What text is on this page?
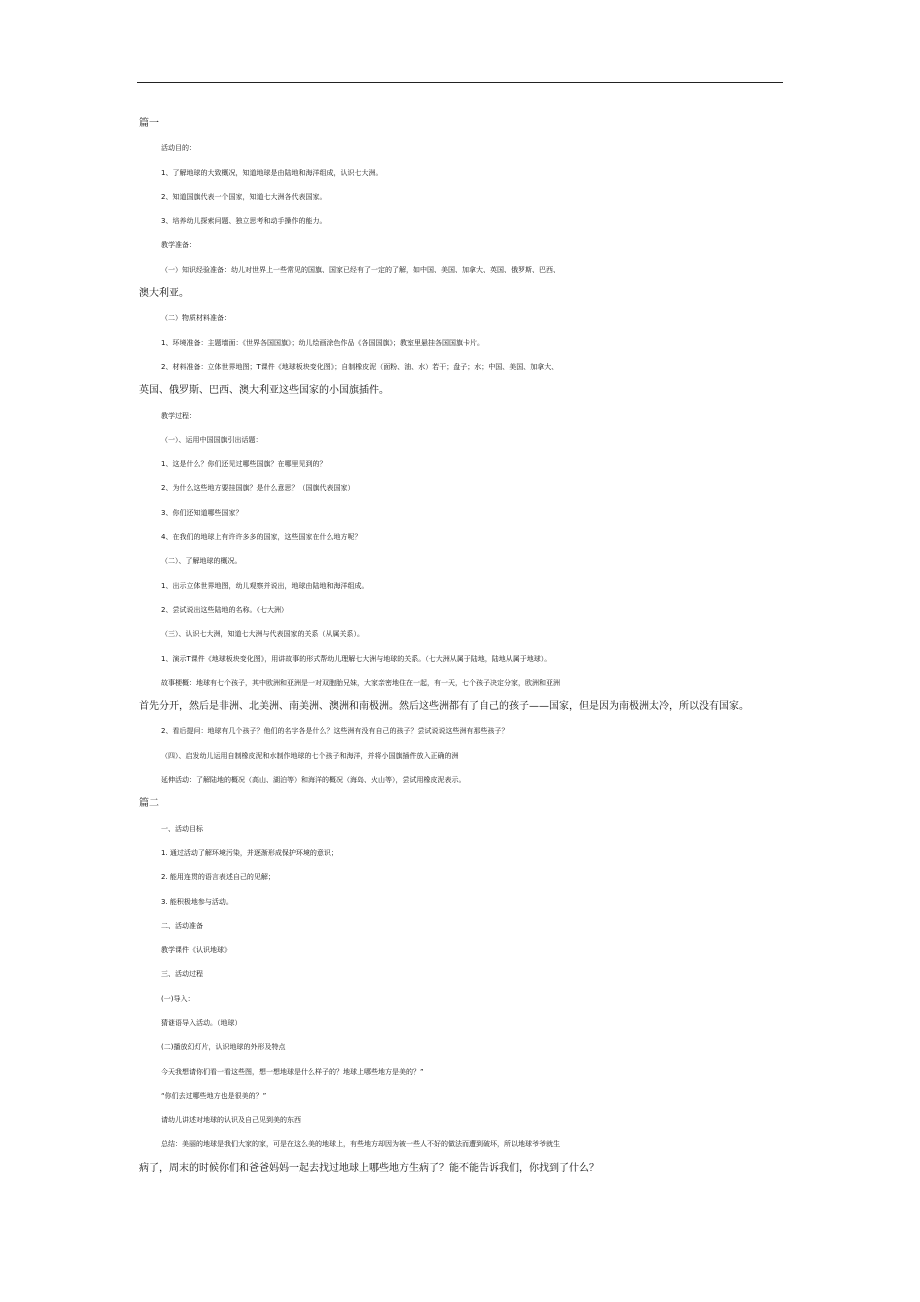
篇一

活动目的：

1、了解地球的大致概况，知道地球是由陆地和海洋组成，认识七大洲。

2、知道国旗代表一个国家，知道七大洲各代表国家。

3、培养幼儿探索问题、独立思考和动手操作的能力。

教学准备：

（一）知识经验准备：幼儿对世界上一些常见的国旗、国家已经有了一定的了解，如中国、美国、加拿大、英国、俄罗斯、巴西、

澳大利亚。

（二）物质材料准备：

1、环境准备：主题墙面：《世界各国国旗》；幼儿绘画涂色作品《各国国旗》；教室里悬挂各国国旗卡片。

2、材料准备：立体世界地图；T课件《地球板块变化图》；自制橡皮泥（面粉、油、水）若干；盘子；水；中国、美国、加拿大、

英国、俄罗斯、巴西、澳大利亚这些国家的小国旗插件。

教学过程：

（一）、运用中国国旗引出话题：

1、这是什么？你们还见过哪些国旗？在哪里见到的？

2、为什么这些地方要挂国旗？是什么意思？（国旗代表国家）

3、你们还知道哪些国家？

4、在我们的地球上有许许多多的国家，这些国家在什么地方呢？

（二）、了解地球的概况。

1、出示立体世界地图，幼儿观察并说出，地球由陆地和海洋组成。

2、尝试说出这些陆地的名称。（七大洲）

（三）、认识七大洲，知道七大洲与代表国家的关系（从属关系）。

1、演示T课件《地球板块变化图》，用讲故事的形式帮幼儿理解七大洲与地球的关系。（七大洲从属于陆地，陆地从属于地球）。

故事梗概：地球有七个孩子，其中欧洲和亚洲是一对双胞胎兄妹，大家亲密地住在一起，有一天，七个孩子决定分家，欧洲和亚洲

首先分开，然后是非洲、北美洲、南美洲、澳洲和南极洲。然后这些洲都有了自己的孩子——国家，但是因为南极洲太冷，所以没有国家。

2、看后提问：地球有几个孩子？他们的名字各是什么？这些洲有没有自己的孩子？尝试说说这些洲有那些孩子？

（四）、启发幼儿运用自制橡皮泥和水制作地球的七个孩子和海洋，并将小国旗插件放入正确的洲

延伸活动：了解陆地的概况（高山、湖泊等）和海洋的概况（海岛、火山等），尝试用橡皮泥表示。

篇二

一、活动目标

1. 通过活动了解环境污染，并逐渐形成保护环境的意识；

2. 能用连贯的语言表述自己的见解；

3. 能积极地参与活动。

二、活动准备

教学课件《认识地球》

三、活动过程

(一)导入：

猜谜语导入活动。（地球）

(二)播放幻灯片，认识地球的外形及特点

今天我想请你们看一看这些图，想一想地球是什么样子的？地球上哪些地方是美的？”

“你们去过哪些地方也是很美的？”

请幼儿讲述对地球的认识及自己见到美的东西

总结：美丽的地球是我们大家的家，可是在这么美的地球上，有些地方却因为被一些人不好的做法而遭到破坏，所以地球爷爷就生

病了，周末的时候你们和爸爸妈妈一起去找过地球上哪些地方生病了？能不能告诉我们，你找到了什么？
